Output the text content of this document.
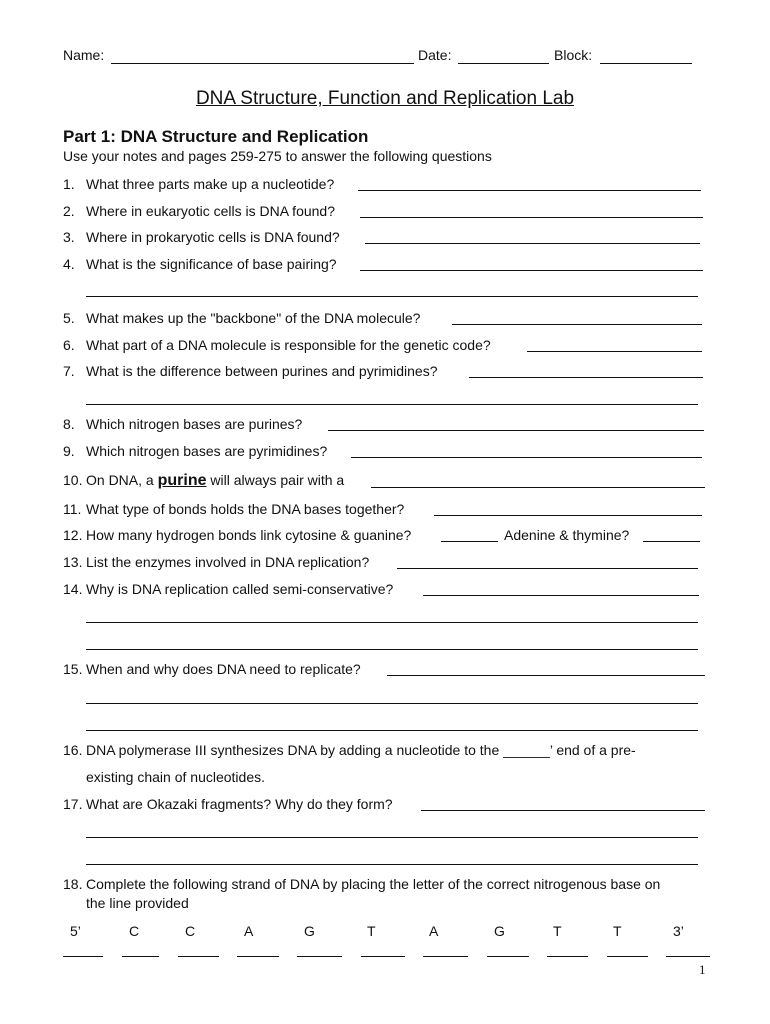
Name:	Date:	Block:
DNA Structure, Function and Replication Lab
Part 1: DNA Structure and Replication
Use your notes and pages 259-275 to answer the following questions
1. What three parts make up a nucleotide?
2. Where in eukaryotic cells is DNA found?
3. Where in prokaryotic cells is DNA found?
4. What is the significance of base pairing?
5. What makes up the "backbone" of the DNA molecule?
6. What part of a DNA molecule is responsible for the genetic code?
7. What is the difference between purines and pyrimidines?
8. Which nitrogen bases are purines?
9. Which nitrogen bases are pyrimidines?
10. On DNA, a purine will always pair with a
11. What type of bonds holds the DNA bases together?
12. How many hydrogen bonds link cytosine & guanine?	Adenine & thymine?
13. List the enzymes involved in DNA replication?
14. Why is DNA replication called semi-conservative?
15. When and why does DNA need to replicate?
16. DNA polymerase III synthesizes DNA by adding a nucleotide to the ______’ end of a pre-
existing chain of nucleotides.
17. What are Okazaki fragments? Why do they form?
18. Complete the following strand of DNA by placing the letter of the correct nitrogenous base on
the line provided
5’	C	C	A	G	T	A	G	T	T	3’
1
